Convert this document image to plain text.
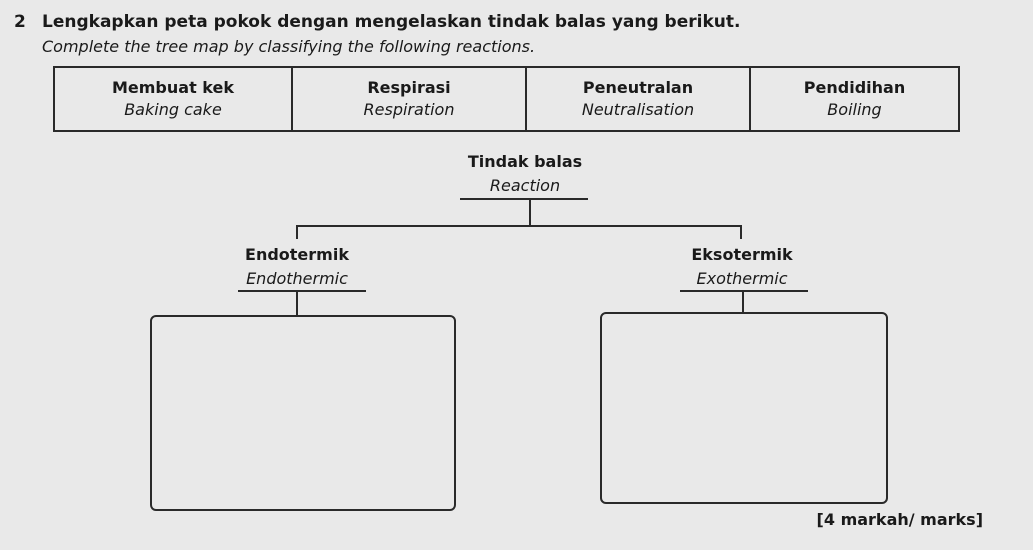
2 Lengkapkan peta pokok dengan mengelaskan tindak balas yang berikut.
Complete the tree map by classifying the following reactions.
Membuat kek
Baking cake
Respirasi
Respiration
Peneutralan
Neutralisation
Pendidihan
Boiling
Tindak balas
Reaction
Endotermik
Endothermic
Eksotermik
Exothermic
[4 markah/ marks]
